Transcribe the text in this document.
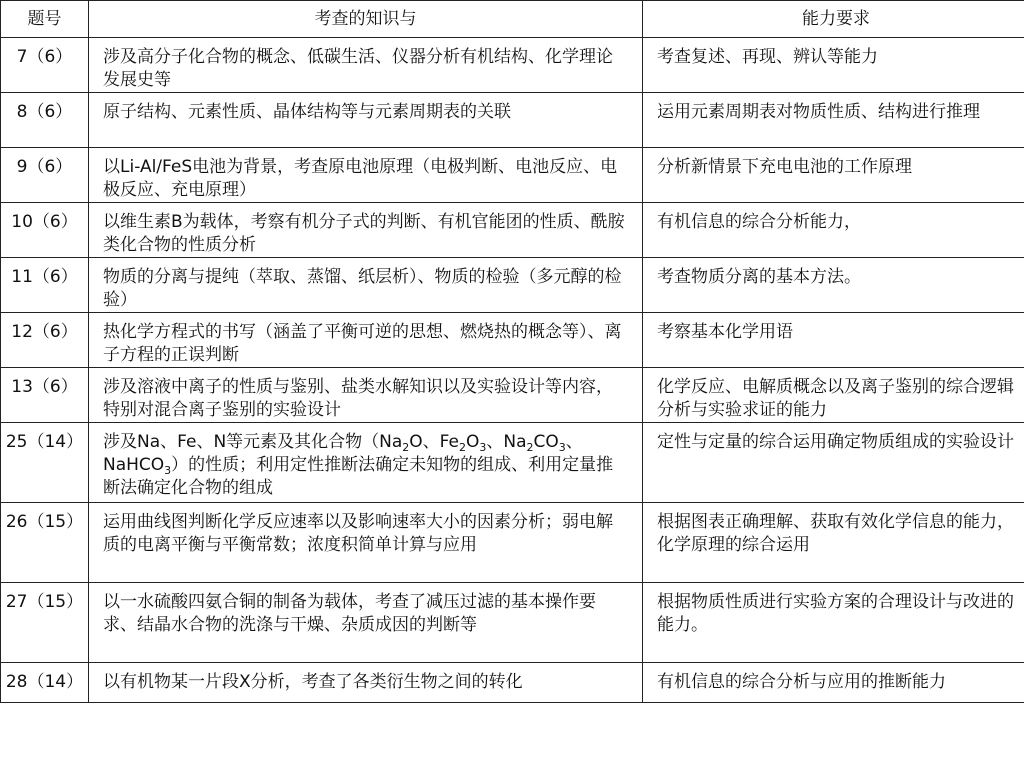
题号	考查的知识与	能力要求
7（6）	涉及高分子化合物的概念、低碳生活、仪器分析有机结构、化学理论发展史等	考查复述、再现、辨认等能力
8（6）	原子结构、元素性质、晶体结构等与元素周期表的关联	运用元素周期表对物质性质、结构进行推理
9（6）	以Li-Al/FeS电池为背景，考查原电池原理（电极判断、电池反应、电极反应、充电原理）	分析新情景下充电电池的工作原理
10（6）	以维生素B为载体，考察有机分子式的判断、有机官能团的性质、酰胺类化合物的性质分析	有机信息的综合分析能力，
11（6）	物质的分离与提纯（萃取、蒸馏、纸层析）、物质的检验（多元醇的检验）	考查物质分离的基本方法。
12（6）	热化学方程式的书写（涵盖了平衡可逆的思想、燃烧热的概念等）、离子方程的正误判断	考察基本化学用语
13（6）	涉及溶液中离子的性质与鉴别、盐类水解知识以及实验设计等内容，特别对混合离子鉴别的实验设计	化学反应、电解质概念以及离子鉴别的综合逻辑分析与实验求证的能力
25（14）	涉及Na、Fe、N等元素及其化合物（$Na_2O$、$Fe_2O_3$、$Na_2CO_3$、NaHCO$_3$）的性质；利用定性推断法确定未知物的组成、利用定量推断法确定化合物的组成	定性与定量的综合运用确定物质组成的实验设计
26（15）	运用曲线图判断化学反应速率以及影响速率大小的因素分析；弱电解质的电离平衡与平衡常数；浓度积简单计算与应用	根据图表正确理解、获取有效化学信息的能力，化学原理的综合运用
27（15）	以一水硫酸四氨合铜的制备为载体，考查了减压过滤的基本操作要求、结晶水合物的洗涤与干燥、杂质成因的判断等	根据物质性质进行实验方案的合理设计与改进的能力。
28（14）	以有机物某一片段X分析，考查了各类衍生物之间的转化	有机信息的综合分析与应用的推断能力
